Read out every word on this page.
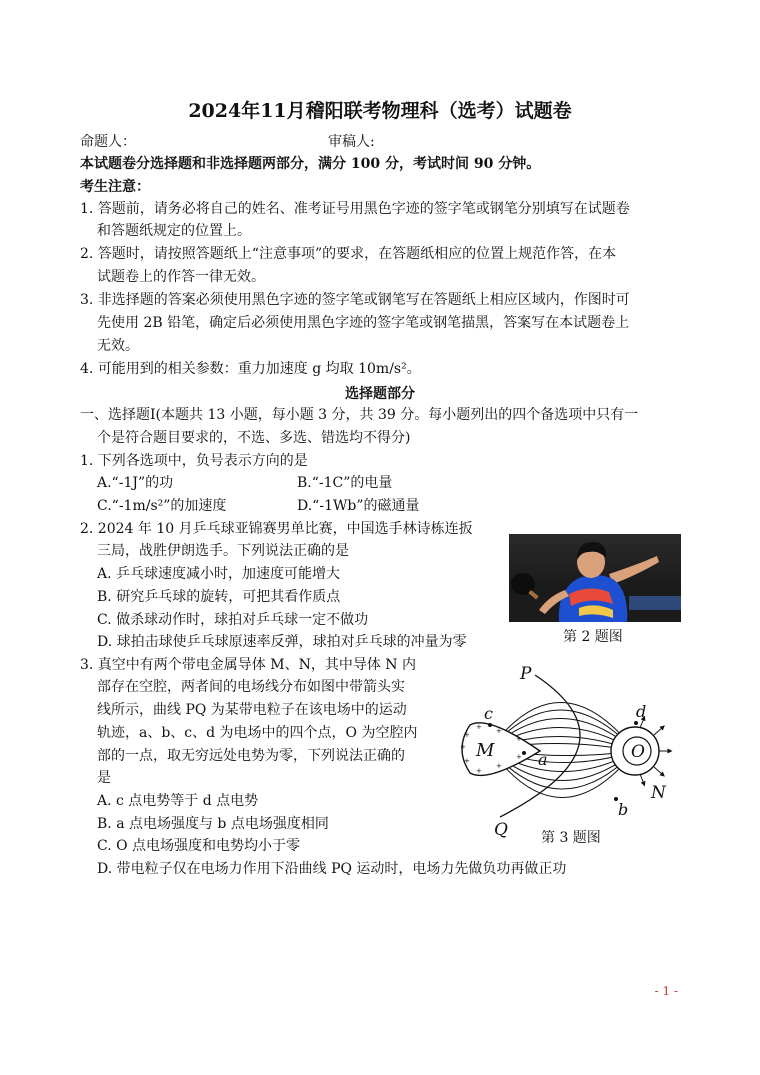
2024年11月稽阳联考物理科（选考）试题卷
命题人：	审稿人:
本试题卷分选择题和非选择题两部分，满分 100 分，考试时间 90 分钟。
考生注意：
1. 答题前，请务必将自己的姓名、准考证号用黑色字迹的签字笔或钢笔分别填写在试题卷
和答题纸规定的位置上。
2. 答题时，请按照答题纸上“注意事项”的要求，在答题纸相应的位置上规范作答，在本
试题卷上的作答一律无效。
3. 非选择题的答案必须使用黑色字迹的签字笔或钢笔写在答题纸上相应区域内，作图时可
先使用 2B 铅笔，确定后必须使用黑色字迹的签字笔或钢笔描黑，答案写在本试题卷上
无效。
4. 可能用到的相关参数：重力加速度 g 均取 10m/s²。
选择题部分
一、选择题Ⅰ(本题共 13 小题，每小题 3 分，共 39 分。每小题列出的四个备选项中只有一
个是符合题目要求的，不选、多选、错选均不得分)
1. 下列各选项中，负号表示方向的是
A.“-1J”的功	B.“-1C”的电量
C.“-1m/s²”的加速度	D.“-1Wb”的磁通量
2. 2024 年 10 月乒乓球亚锦赛男单比赛，中国选手林诗栋连扳
三局，战胜伊朗选手。下列说法正确的是
A. 乒乓球速度减小时，加速度可能增大
B. 研究乒乓球的旋转，可把其看作质点
C. 做杀球动作时，球拍对乒乓球一定不做功
D. 球拍击球使乒乓球原速率反弹，球拍对乒乓球的冲量为零	第 2 题图
3. 真空中有两个带电金属导体 M、N，其中导体 N 内
部存在空腔，两者间的电场线分布如图中带箭头实
线所示，曲线 PQ 为某带电粒子在该电场中的运动
轨迹，a、b、c、d 为电场中的四个点，O 为空腔内
部的一点，取无穷远处电势为零，下列说法正确的
是
A. c 点电势等于 d 点电势
B. a 点电场强度与 b 点电场强度相同
C. O 点电场强度和电势均小于零
D. 带电粒子仅在电场力作用下沿曲线 PQ 运动时，电场力先做负功再做正功
+
+
+
+
+
+
+
+
+
P
Q
M
N
O
a
b
c	d
第 3 题图
- 1 -
